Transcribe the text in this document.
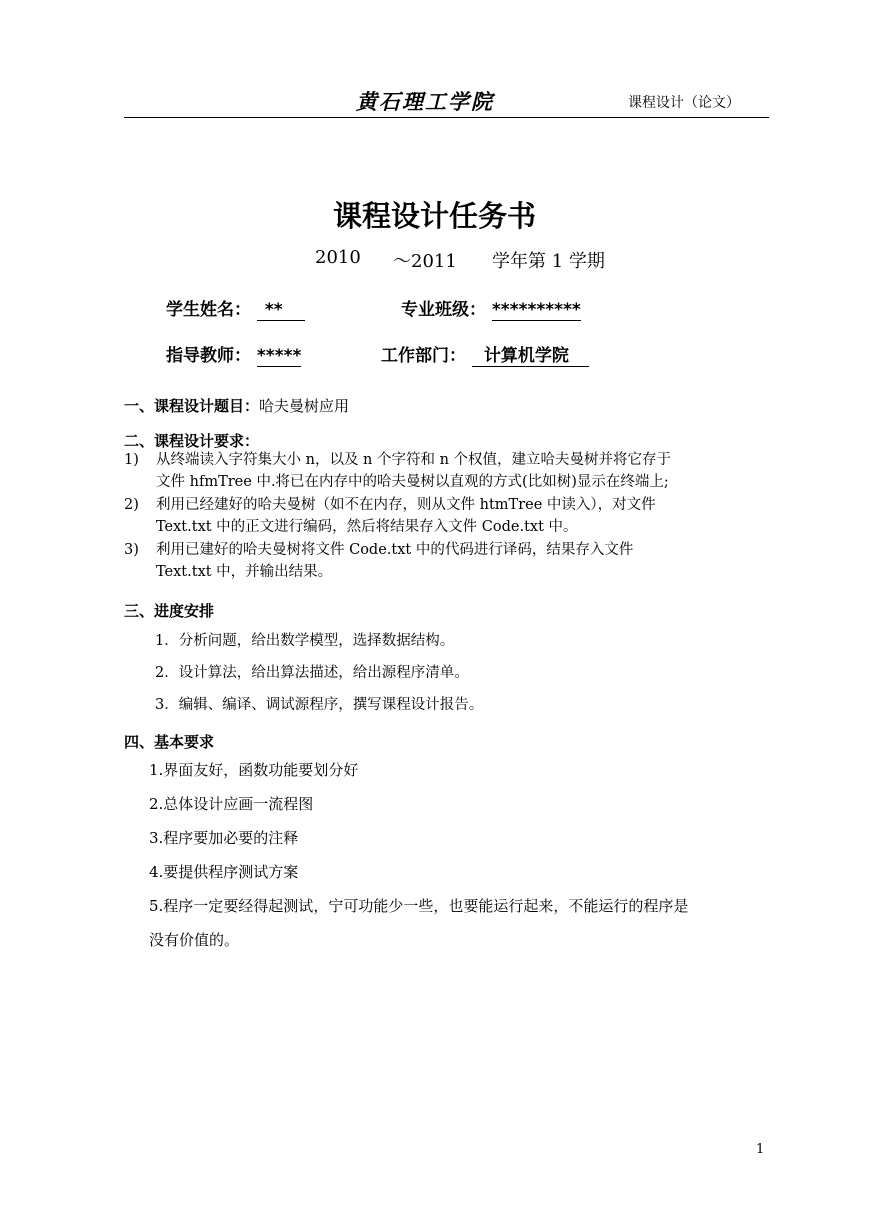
黄石理工学院	课程设计（论文）
课程设计任务书
2010 ～2011 学年第 1 学期
学生姓名： **	专业班级： **********
指导教师： *****	工作部门： 计算机学院
一、课程设计题目：哈夫曼树应用
二、课程设计要求：
1) 从终端读入字符集大小 n，以及 n 个字符和 n 个权值，建立哈夫曼树并将它存于
文件 hfmTree 中.将已在内存中的哈夫曼树以直观的方式(比如树)显示在终端上;
2) 利用已经建好的哈夫曼树（如不在内存，则从文件 htmTree 中读入），对文件
Text.txt 中的正文进行编码，然后将结果存入文件 Code.txt 中。
3) 利用已建好的哈夫曼树将文件 Code.txt 中的代码进行译码，结果存入文件
Text.txt 中，并输出结果。
三、进度安排
1．分析问题，给出数学模型，选择数据结构。
2．设计算法，给出算法描述，给出源程序清单。
3．编辑、编译、调试源程序，撰写课程设计报告。
四、基本要求
1.界面友好，函数功能要划分好
2.总体设计应画一流程图
3.程序要加必要的注释
4.要提供程序测试方案
5.程序一定要经得起测试，宁可功能少一些，也要能运行起来，不能运行的程序是
没有价值的。
1
